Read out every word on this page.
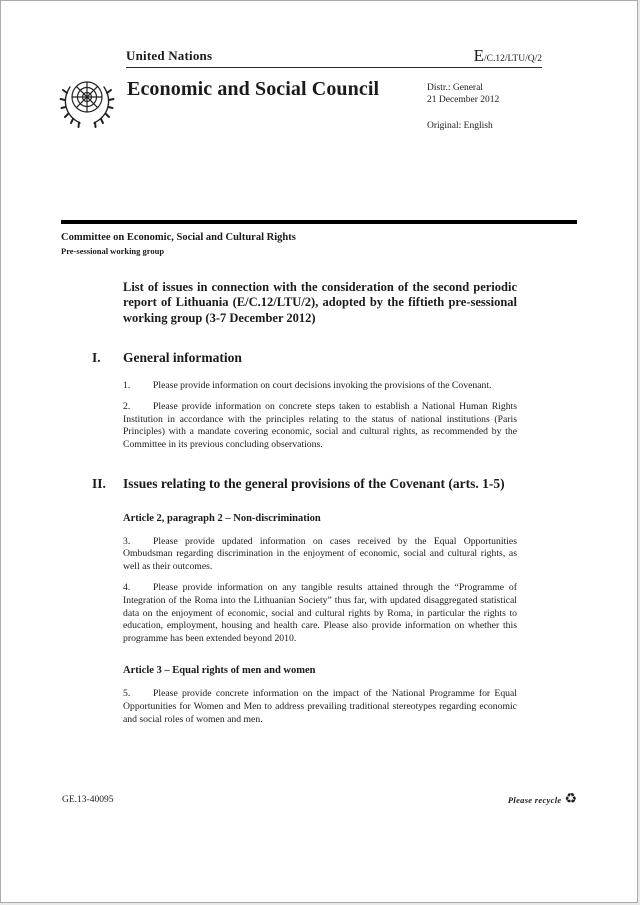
United Nations	E/C.12/LTU/Q/2
Economic and Social Council	Distr.: General
21 December 2012
Original: English
Committee on Economic, Social and Cultural Rights
Pre-sessional working group

List of issues in connection with the consideration of the second periodic report of Lithuania (E/C.12/LTU/2), adopted by the fiftieth pre-sessional working group (3-7 December 2012)

I.	General information

1. Please provide information on court decisions invoking the provisions of the Covenant.

2. Please provide information on concrete steps taken to establish a National Human Rights Institution in accordance with the principles relating to the status of national institutions (Paris Principles) with a mandate covering economic, social and cultural rights, as recommended by the Committee in its previous concluding observations.

II.	Issues relating to the general provisions of the Covenant (arts. 1-5)
Article 2, paragraph 2 – Non-discrimination

3. Please provide updated information on cases received by the Equal Opportunities Ombudsman regarding discrimination in the enjoyment of economic, social and cultural rights, as well as their outcomes.

4. Please provide information on any tangible results attained through the “Programme of Integration of the Roma into the Lithuanian Society” thus far, with updated disaggregated statistical data on the enjoyment of economic, social and cultural rights by Roma, in particular the rights to education, employment, housing and health care. Please also provide information on whether this programme has been extended beyond 2010.

Article 3 – Equal rights of men and women

5. Please provide concrete information on the impact of the National Programme for Equal Opportunities for Women and Men to address prevailing traditional stereotypes regarding economic and social roles of women and men.

GE.13-40095	Please recycle ♻
